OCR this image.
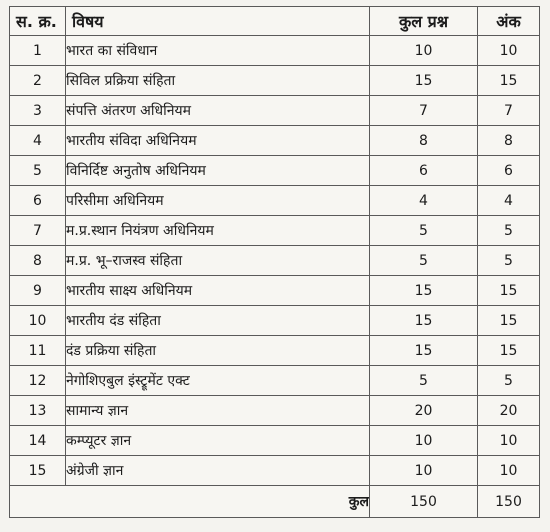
स. क्र.	विषय	कुल प्रश्न	अंक
1	भारत का संविधान	10	10
2	सिविल प्रक्रिया संहिता	15	15
3	संपत्ति अंतरण अधिनियम	7	7
4	भारतीय संविदा अधिनियम	8	8
5	विनिर्दिष्ट अनुतोष अधिनियम	6	6
6	परिसीमा अधिनियम	4	4
7	म.प्र.स्थान नियंत्रण अधिनियम	5	5
8	म.प्र. भू–राजस्व संहिता	5	5
9	भारतीय साक्ष्य अधिनियम	15	15
10	भारतीय दंड संहिता	15	15
11	दंड प्रक्रिया संहिता	15	15
12	नेगोशिएबुल इंस्ट्रूमेंट एक्ट	5	5
13	सामान्य ज्ञान	20	20
14	कम्प्यूटर ज्ञान	10	10
15	अंग्रेजी ज्ञान	10	10
कुल		150	150
